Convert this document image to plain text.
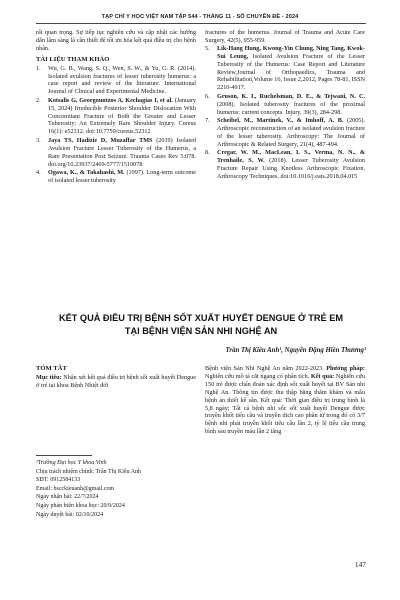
TẠP CHÍ Y HỌC VIỆT NAM TẬP 544 - THÁNG 11 - SỐ CHUYÊN ĐỀ - 2024
rất quan trọng. Sự tiếp tục nghiên cứu và cập nhật các hướng dẫn lâm sàng là cần thiết để tối ưu hóa kết quả điều trị cho bệnh nhân.
TÀI LIỆU THAM KHẢO
1. Wu, G. B., Wang, S. Q., Wen, S. W., & Yu, G. R. (2014). Isolated avulsion fractures of lesser tuberosity humerus: a case report and review of the literature. International Journal of Clinical and Experimental Medicine.
2. Kotsalis G, Georgountzos A, Kechagias I, et al. (January 15, 2024) Irreducible Posterior Shoulder Dislocation With Concomitant Fracture of Both the Greater and Lesser Tuberosity: An Extremely Rare Shoulder Injury. Cureus 16(1): e52312. doi:10.7759/cureus.52312
3. Jaya TS, Hadizie D, Muzaffar TMS (2019) Isolated Avulsion Fracture Lesser Tuberosity of the Humerus, a Rare Presentation Post Seizure. Trauma Cases Rev 5:078. doi.org/10.23937/2469-5777/1510078
4. Ogawa, K., & Takahashi, M. (1997). Long-term outcome of isolated lesser tuberosity
fractures of the humerus. Journal of Trauma and Acute Care Surgery, 42(5), 955-959.
5. Lik-Hang Hung, Kwong-Yin Chung, Ning Tang, Kwok-Sui Leung, Isolated Avulsion Fracture of the Lesser Tuberosity of the Humerus: Case Report and Literature Review,Journal of Orthopaedics, Trauma and Rehabilitation,Volume 16, Issue 2,2012, Pages 78-81, ISSN 2210-4917.
6. Gruson, K. I., Ruchelsman, D. E., & Tejwani, N. C. (2008). Isolated tuberosity fractures of the proximal humerus: current concepts. Injury, 39(3), 284-298.
7. Scheibel, M., Martinek, V., & Imhoff, A. B. (2005). Arthroscopic reconstruction of an isolated avulsion fracture of the lesser tuberosity. Arthroscopy: The Journal of Arthroscopic & Related Surgery, 21(4), 487-494.
8. Cregar, W. M., MacLean, I. S., Verma, N. N., & Trenhaile, S. W. (2018). Lesser Tuberosity Avulsion Fracture Repair Using Knotless Arthroscopic Fixation. Arthroscopy Techniques. doi:10.1016/j.eats.2018.04.015
KẾT QUẢ ĐIỀU TRỊ BỆNH SỐT XUẤT HUYẾT DENGUE Ở TRẺ EM
TẠI BỆNH VIỆN SẢN NHI NGHỆ AN
Trần Thị Kiều Anh¹, Nguyễn Đặng Hiền Thương¹
TÓM TẮT
Mục tiêu: Nhận xét kết quả điều trị bệnh sốt xuất huyết Dengue ở trẻ tại khoa Bệnh Nhiệt đới
¹Trường Đại học Y khoa Vinh
Chịu trách nhiệm chính: Trần Thị Kiều Anh
SĐT: 0912584133
Email: bscckieuanh@gmail.com
Ngày nhận bài: 22/7/2024
Ngày phản biện khoa học: 20/9/2024
Ngày duyệt bài: 02/10/2024
Bệnh viện Sản Nhi Nghệ An năm 2022-2023. Phương pháp: Nghiên cứu mô tả cắt ngang có phân tích. Kết quả: Nghiên cứu 150 trẻ được chẩn đoán xác định sốt xuất huyết tại BV Sản nhi Nghệ An. Thông tin được thu thập bằng thăm khám và mẫu bệnh án thiết kế sẵn. Kết quả: Thời gian điều trị trung bình là 5,8 ngày; Tất cả bệnh nhi sốc sốt xuất huyết Dengue được truyền khối tiểu cầu và truyền dịch cao phân tử trong đó có 3/7 bệnh nhi phải truyền khối tiểu cầu lần 2, tỷ lệ tiểu cầu trung bình sau truyền máu lần 2 tăng
147
